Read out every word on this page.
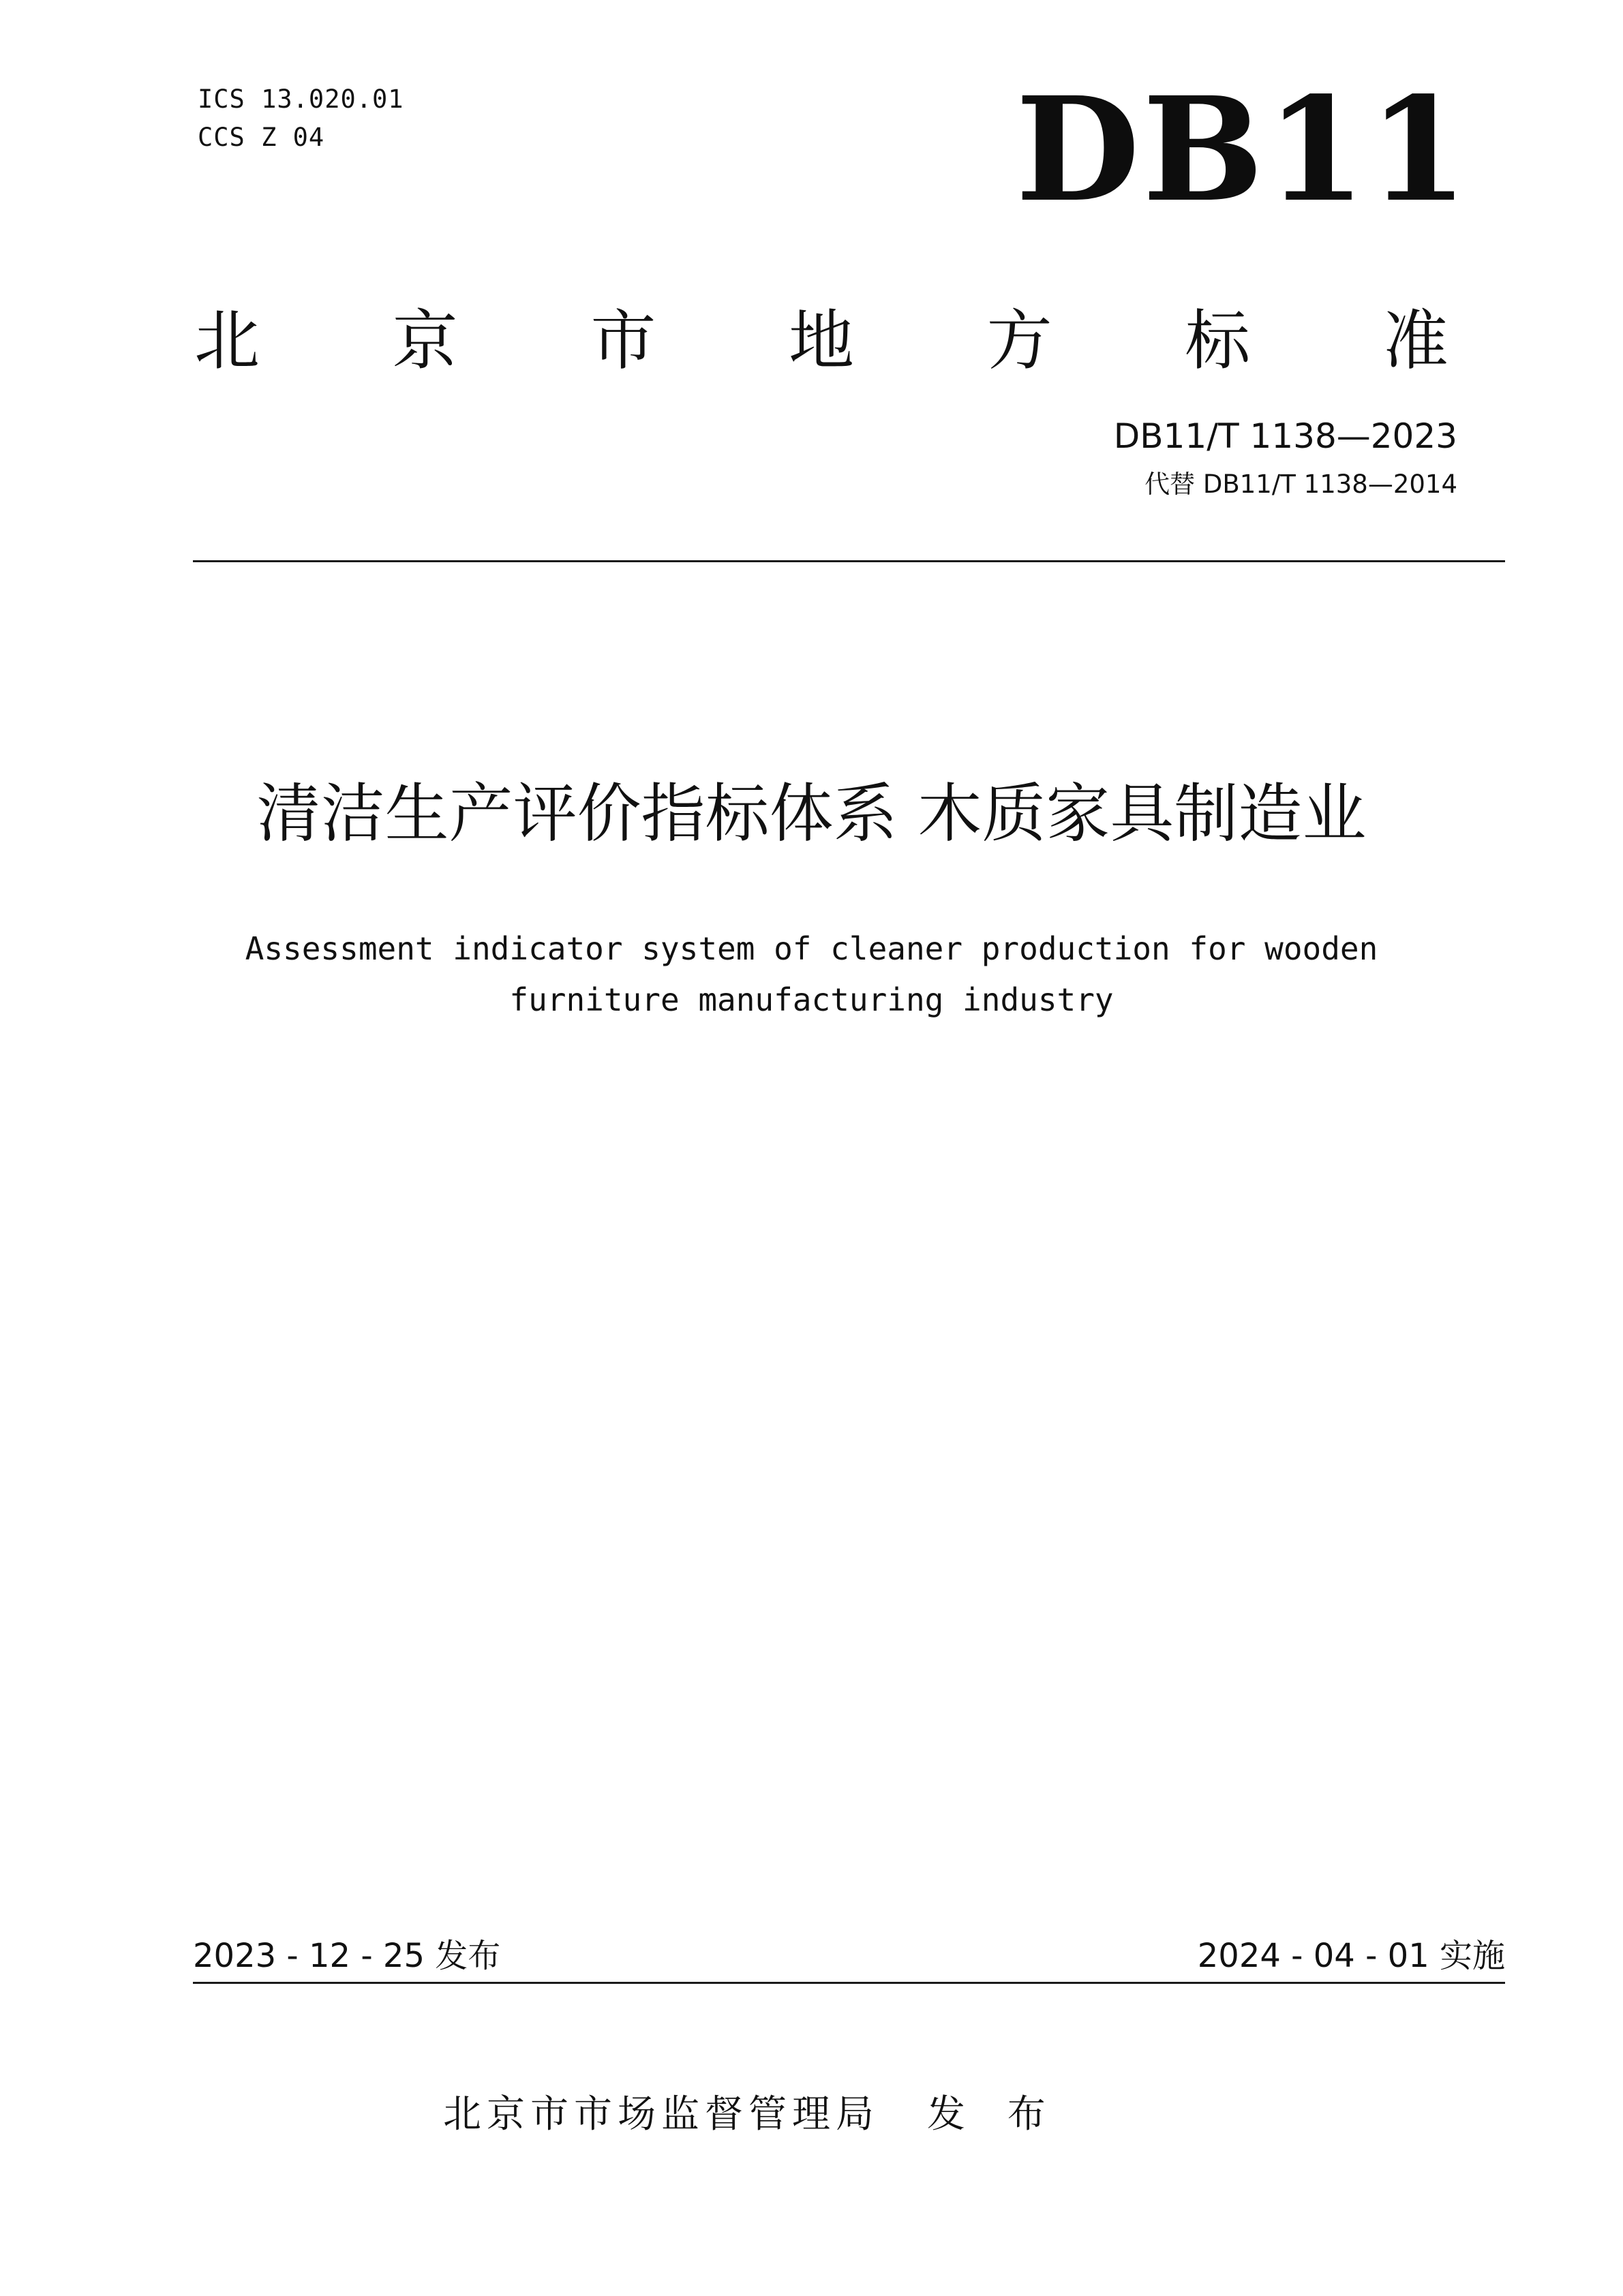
ICS 13.020.01
CCS Z 04	DB11
北 京 市 地 方 标 准
DB11/T 1138—2023
代替 DB11/T 1138—2014
清洁生产评价指标体系 木质家具制造业
Assessment indicator system of cleaner production for wooden
furniture manufacturing industry
2023 - 12 - 25 发布	2024 - 04 - 01 实施
北京市市场监督管理局 发 布
